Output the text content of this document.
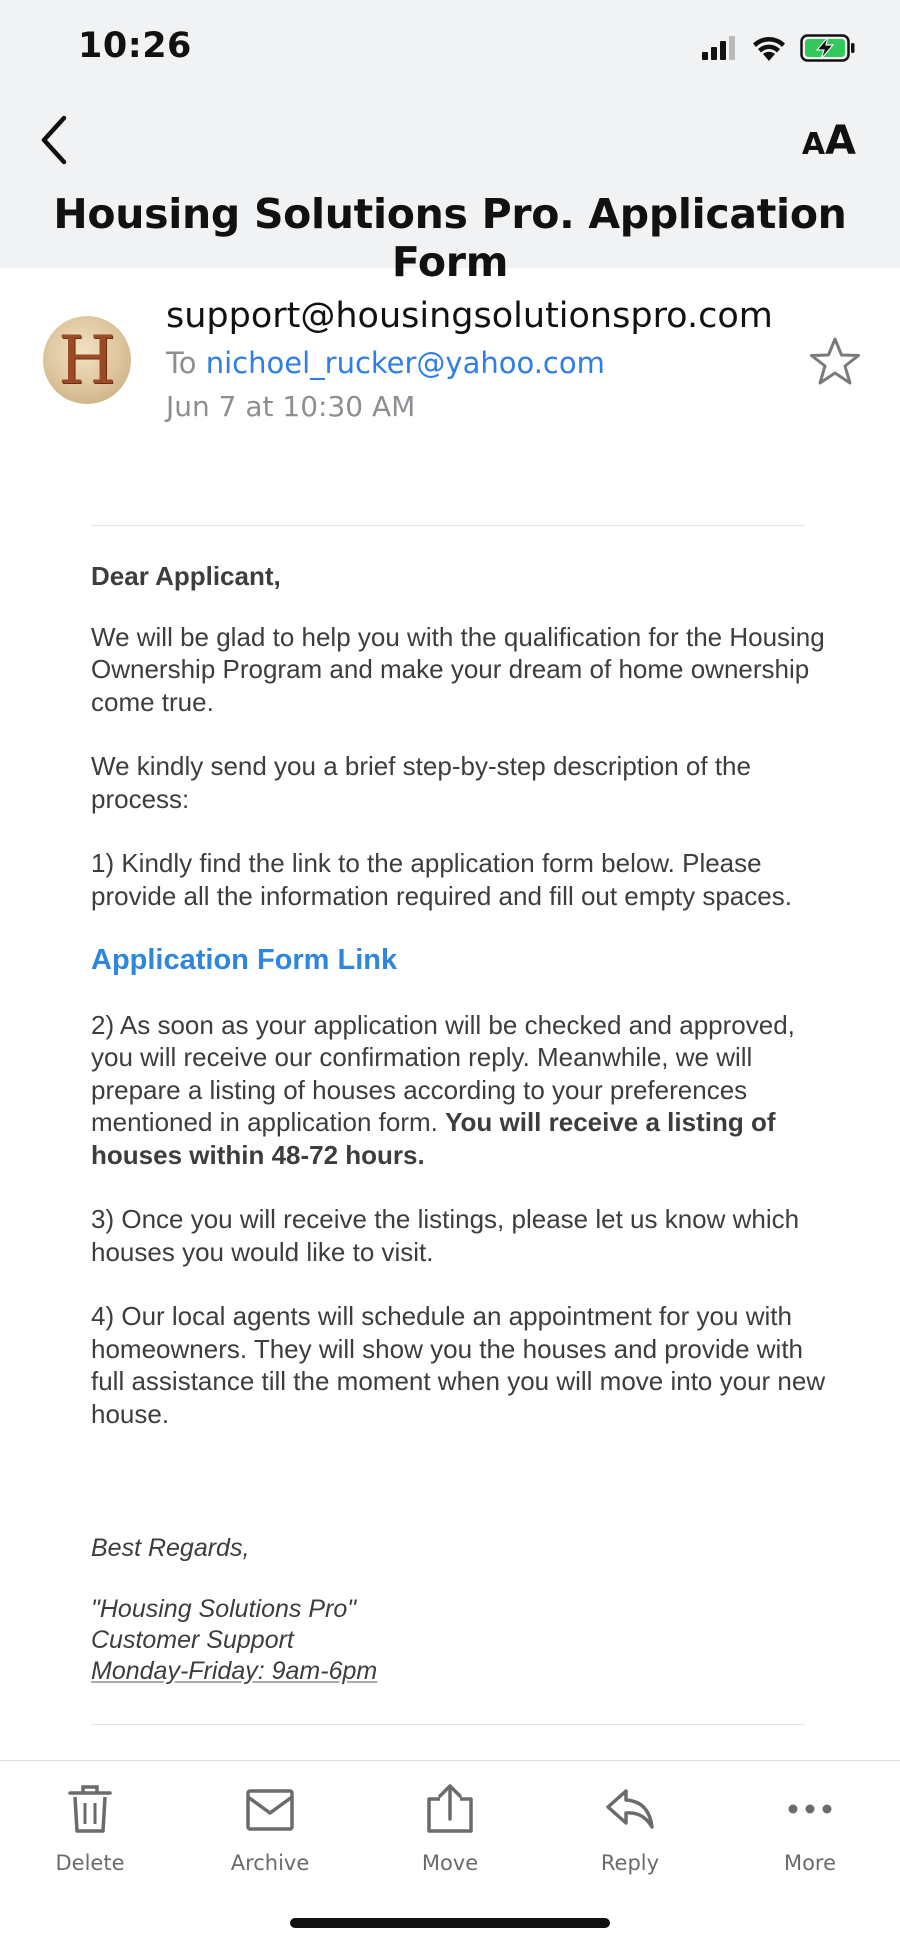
10:26
AA
Housing Solutions Pro. Application Form
H
support@housingsolutionspro.com
To nichoel_rucker@yahoo.com
Jun 7 at 10:30 AM

Dear Applicant,

We will be glad to help you with the qualification for the Housing Ownership Program and make your dream of home ownership come true.

We kindly send you a brief step-by-step description of the process:

1) Kindly find the link to the application form below. Please provide all the information required and fill out empty spaces.

Application Form Link

2) As soon as your application will be checked and approved, you will receive our confirmation reply. Meanwhile, we will prepare a listing of houses according to your preferences mentioned in application form. You will receive a listing of houses within 48-72 hours.

3) Once you will receive the listings, please let us know which houses you would like to visit.

4) Our local agents will schedule an appointment for you with homeowners. They will show you the houses and provide with full assistance till the moment when you will move into your new house.

Best Regards,
"Housing Solutions Pro"
Customer Support
Monday-Friday: 9am-6pm
Delete	Archive	Move	Reply	More
